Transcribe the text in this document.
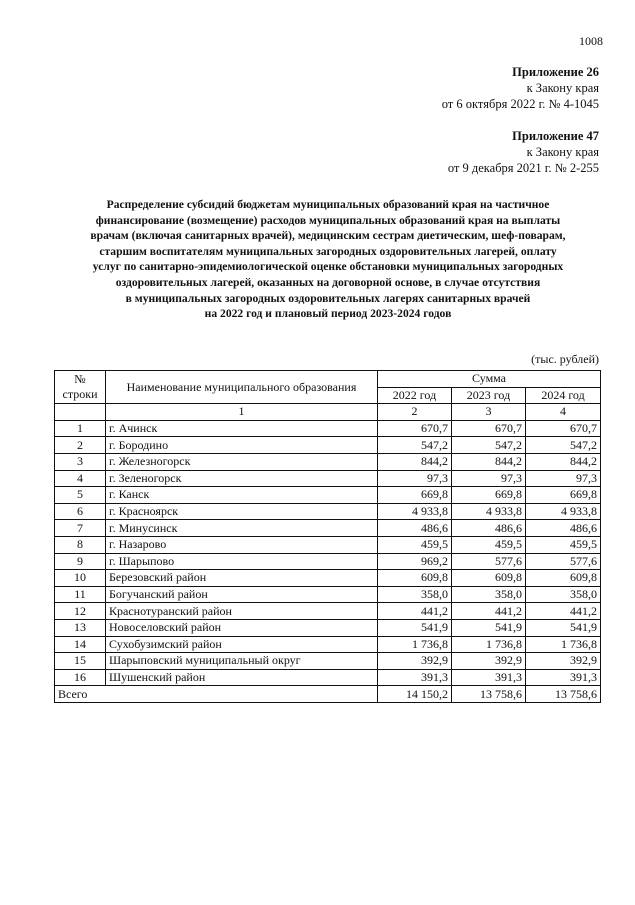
1008
Приложение 26
к Закону края
от 6 октября 2022 г. № 4-1045
Приложение 47
к Закону края
от 9 декабря 2021 г. № 2-255
Распределение субсидий бюджетам муниципальных образований края на частичное
финансирование (возмещение) расходов муниципальных образований края на выплаты
врачам (включая санитарных врачей), медицинским сестрам диетическим, шеф-поварам,
старшим воспитателям муниципальных загородных оздоровительных лагерей, оплату
услуг по санитарно-эпидемиологической оценке обстановки муниципальных загородных
оздоровительных лагерей, оказанных на договорной основе, в случае отсутствия
в муниципальных загородных оздоровительных лагерях санитарных врачей
на 2022 год и плановый период 2023-2024 годов
(тыс. рублей)
№
строки	Наименование муниципального образования	Сумма		
		2022 год	2023 год	2024 год
	1	2	3	4
1	г. Ачинск	670,7	670,7	670,7
2	г. Бородино	547,2	547,2	547,2
3	г. Железногорск	844,2	844,2	844,2
4	г. Зеленогорск	97,3	97,3	97,3
5	г. Канск	669,8	669,8	669,8
6	г. Красноярск	4 933,8	4 933,8	4 933,8
7	г. Минусинск	486,6	486,6	486,6
8	г. Назарово	459,5	459,5	459,5
9	г. Шарыпово	969,2	577,6	577,6
10	Березовский район	609,8	609,8	609,8
11	Богучанский район	358,0	358,0	358,0
12	Краснотуранский район	441,2	441,2	441,2
13	Новоселовский район	541,9	541,9	541,9
14	Сухобузимский район	1 736,8	1 736,8	1 736,8
15	Шарыповский муниципальный округ	392,9	392,9	392,9
16	Шушенский район	391,3	391,3	391,3
Всего		14 150,2	13 758,6	13 758,6
